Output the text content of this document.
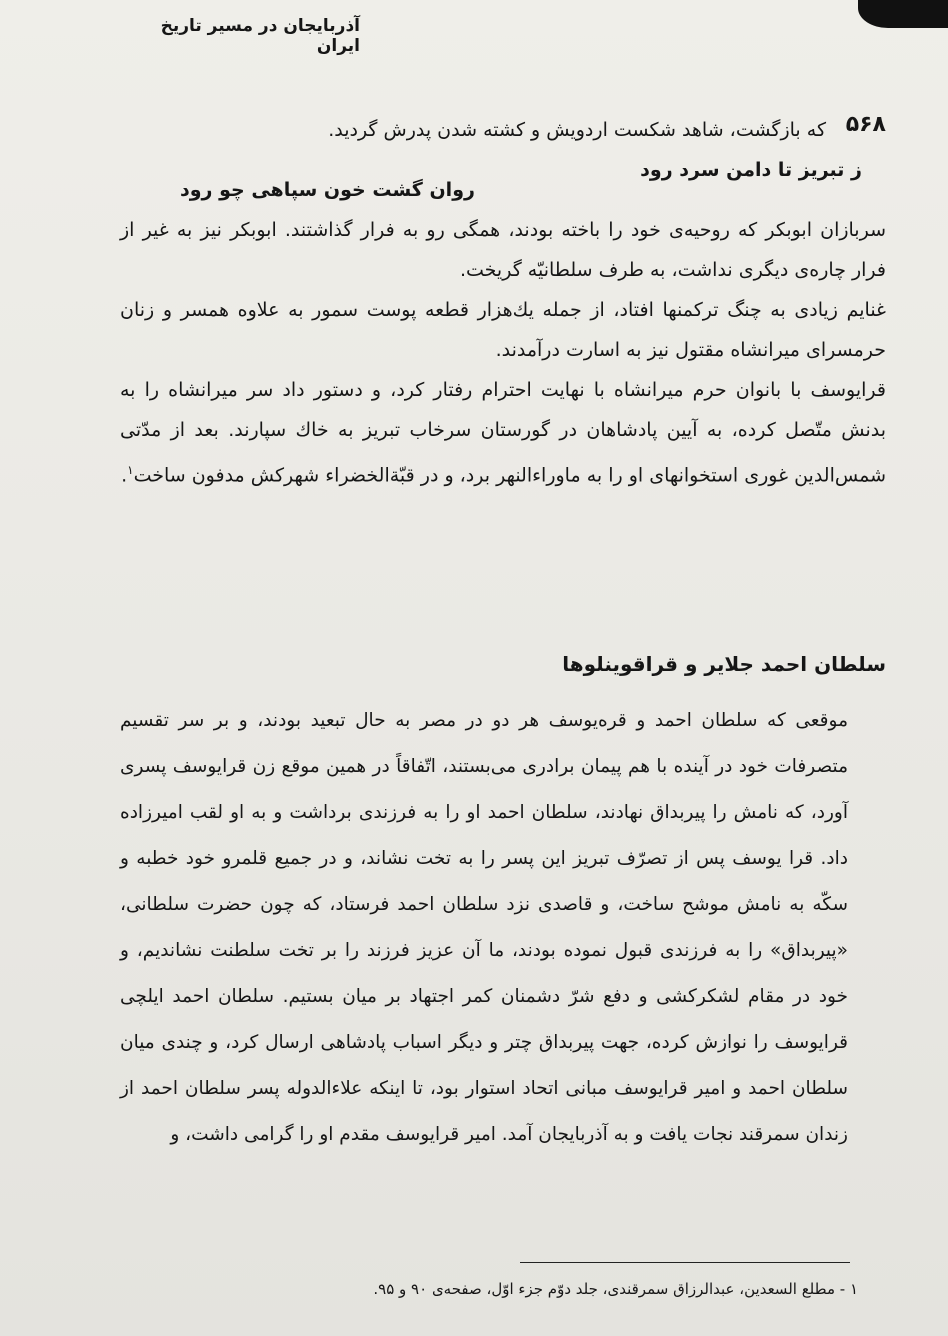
آذربایجان در مسیر تاریخ ایران
۵۶۸

که بازگشت، شاهد شکست اردویش و کشته شدن پدرش گردید.

ز تبریز تا دامن سرد رود
روان گشت خون سپاهی چو رود

سربازان ابوبکر که روحیه‌ی خود را باخته بودند، همگی رو به فرار گذاشتند. ابوبکر نیز به غیر از فرار چاره‌ی دیگری نداشت، به طرف سلطانیّه گریخت.

غنایم زیادی به چنگ ترکمنها افتاد، از جمله یك‌هزار قطعه پوست سمور به علاوه همسر و زنان حرمسرای میرانشاه مقتول نیز به اسارت درآمدند.

قرایوسف با بانوان حرم میرانشاه با نهایت احترام رفتار کرد، و دستور داد سر میرانشاه را به بدنش متّصل کرده، به آیین پادشاهان در گورستان سرخاب تبریز به خاك سپارند. بعد از مدّتی شمس‌الدین غوری استخوانهای او را به ماوراءالنهر برد، و در قبّةالخضراء شهرکش مدفون ساخت$^۱$.

سلطان احمد جلایر و قراقوینلوها

موقعی که سلطان احمد و قره‌یوسف هر دو در مصر به حال تبعید بودند، و بر سر تقسیم متصرفات خود در آینده با هم پیمان برادری می‌بستند، اتّفاقاً در همین موقع زن قرایوسف پسری آورد، که نامش را پیربداق نهادند، سلطان احمد او را به فرزندی برداشت و به او لقب امیرزاده داد. قرا یوسف پس از تصرّف تبریز این پسر را به تخت نشاند، و در جمیع قلمرو خود خطبه و سکّه به نامش موشح ساخت، و قاصدی نزد سلطان احمد فرستاد، که چون حضرت سلطانی، «پیربداق» را به فرزندی قبول نموده بودند، ما آن عزیز فرزند را بر تخت سلطنت نشاندیم، و خود در مقام لشکرکشی و دفع شرّ دشمنان کمر اجتهاد بر میان بستیم. سلطان احمد ایلچی قرایوسف را نوازش کرده، جهت پیربداق چتر و دیگر اسباب پادشاهی ارسال کرد، و چندی میان سلطان احمد و امیر قرایوسف مبانی اتحاد استوار بود، تا اینکه علاءالدوله پسر سلطان احمد از زندان سمرقند نجات یافت و به آذربایجان آمد. امیر قرایوسف مقدم او را گرامی داشت، و

۱ - مطلع السعدین، عبدالرزاق سمرقندی، جلد دوّم جزء اوّل، صفحه‌ی ۹۰ و ۹۵.
